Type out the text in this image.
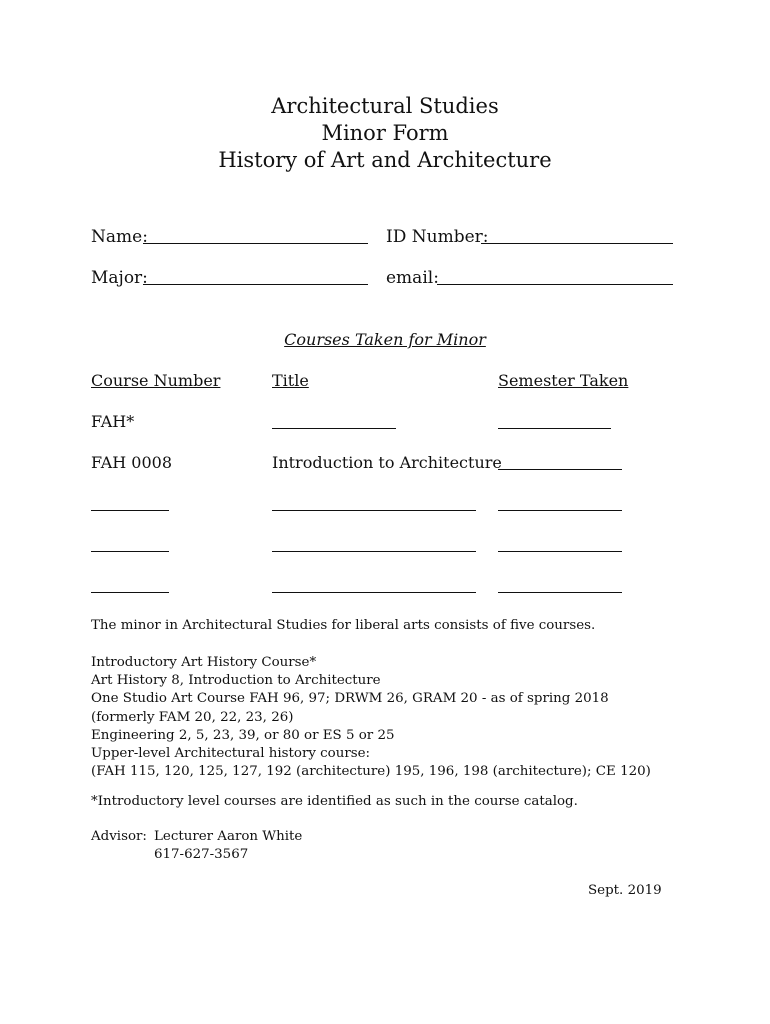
Architectural Studies
Minor Form
History of Art and Architecture
Name:	ID Number:
Major:	email:
Courses Taken for Minor
Course Number	Title	Semester Taken
FAH*
FAH 0008	Introduction to Architecture
The minor in Architectural Studies for liberal arts consists of five courses.
Introductory Art History Course*
Art History 8, Introduction to Architecture
One Studio Art Course FAH 96, 97; DRWM 26, GRAM 20 - as of spring 2018
(formerly FAM 20, 22, 23, 26)
Engineering 2, 5, 23, 39, or 80 or ES 5 or 25
Upper-level Architectural history course:
(FAH 115, 120, 125, 127, 192 (architecture) 195, 196, 198 (architecture); CE 120)
*Introductory level courses are identified as such in the course catalog.
Advisor: Lecturer Aaron White
617-627-3567
Sept. 2019
